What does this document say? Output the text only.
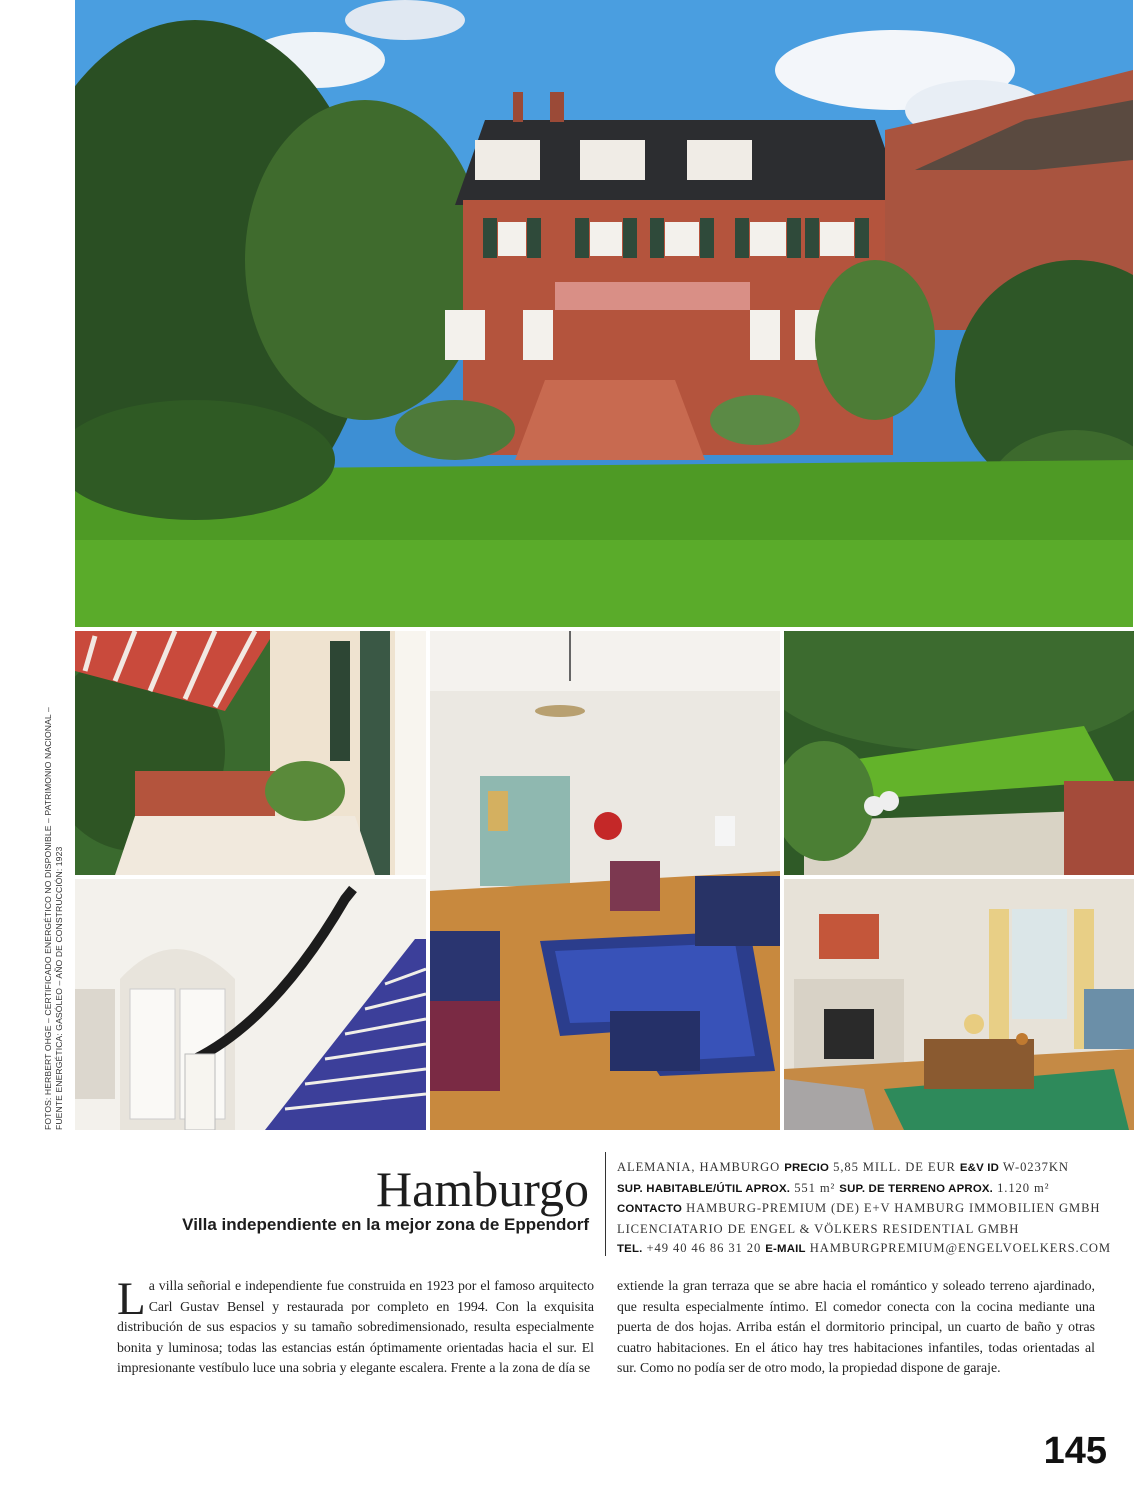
FOTOS: HERBERT OHGE – CERTIFICADO ENERGÉTICO NO DISPONIBLE – PATRIMONIO NACIONAL – FUENTE ENERGÉTICA: GASÓLEO – AÑO DE CONSTRUCCIÓN: 1923
Hamburgo
Villa independiente en la mejor zona de Eppendorf
ALEMANIA, HAMBURGO PRECIO 5,85 MILL. DE EUR E&V ID W-0237KN
SUP. HABITABLE/ÚTIL APROX. 551 m² SUP. DE TERRENO APROX. 1.120 m²
CONTACTO HAMBURG-PREMIUM (DE) E+V HAMBURG IMMOBILIEN GMBH
LICENCIATARIO DE ENGEL & VÖLKERS RESIDENTIAL GMBH
TEL. +49 40 46 86 31 20 E-MAIL HAMBURGPREMIUM@ENGELVOELKERS.COM
La villa señorial e independiente fue construida en 1923 por el famoso arquitecto Carl Gustav Bensel y restaurada por completo en 1994. Con la exquisita distribución de sus espacios y su tamaño sobredimensionado, resulta especialmente bonita y luminosa; todas las estancias están óptimamente orientadas hacia el sur. El impresionante vestíbulo luce una sobria y elegante escalera. Frente a la zona de día se
extiende la gran terraza que se abre hacia el romántico y soleado terreno ajardinado, que resulta especialmente íntimo. El comedor conecta con la cocina mediante una puerta de dos hojas. Arriba están el dormitorio principal, un cuarto de baño y otras cuatro habitaciones. En el ático hay tres habitaciones infantiles, todas orientadas al sur. Como no podía ser de otro modo, la propiedad dispone de garaje.
145
